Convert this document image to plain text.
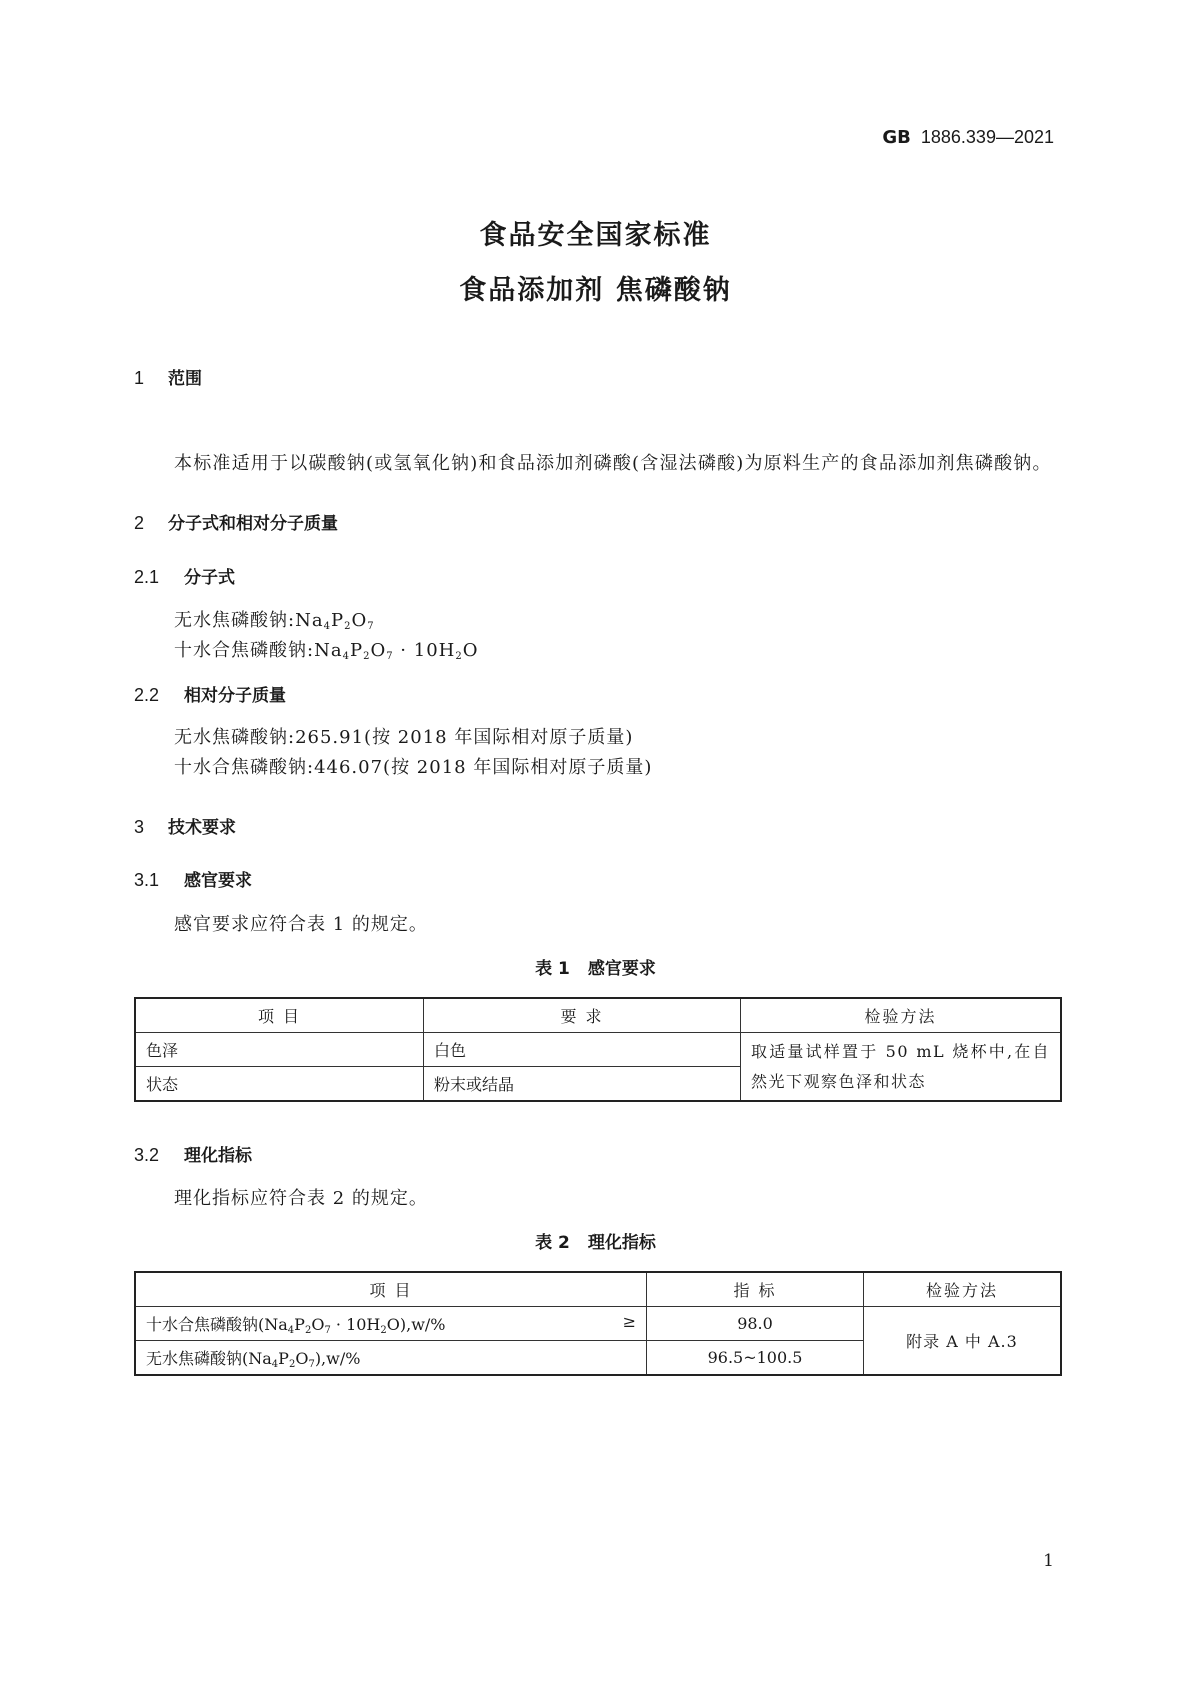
GB 1886.339—2021
食品安全国家标准
食品添加剂 焦磷酸钠
1 范围
本标准适用于以碳酸钠(或氢氧化钠)和食品添加剂磷酸(含湿法磷酸)为原料生产的食品添加剂焦磷酸钠。
2 分子式和相对分子质量
2.1 分子式
无水焦磷酸钠$:Na_4P_2O_7$
十水合焦磷酸钠$:Na_4P_2O_7 \cdot 10H_2O$
2.2 相对分子质量
无水焦磷酸钠:265.91(按 2018 年国际相对原子质量)
十水合焦磷酸钠:446.07(按 2018 年国际相对原子质量)
3 技术要求
3.1 感官要求
感官要求应符合表 1 的规定。
表 1 感官要求
项 目	要 求	检验方法
色泽	白色	取适量试样置于 50 mL 烧杯中,在自然光下观察色泽和状态
状态	粉末或结晶	
3.2 理化指标
理化指标应符合表 2 的规定。
表 2 理化指标
项 目	指 标	检验方法
十水合焦磷酸钠$(Na_4P_2O_7 \cdot 10H_2O),w/\%$ ≥	98.0	附录 A 中 A.3
无水焦磷酸钠$(Na_4P_2O_7),w/\%$	96.5~100.5	
1
